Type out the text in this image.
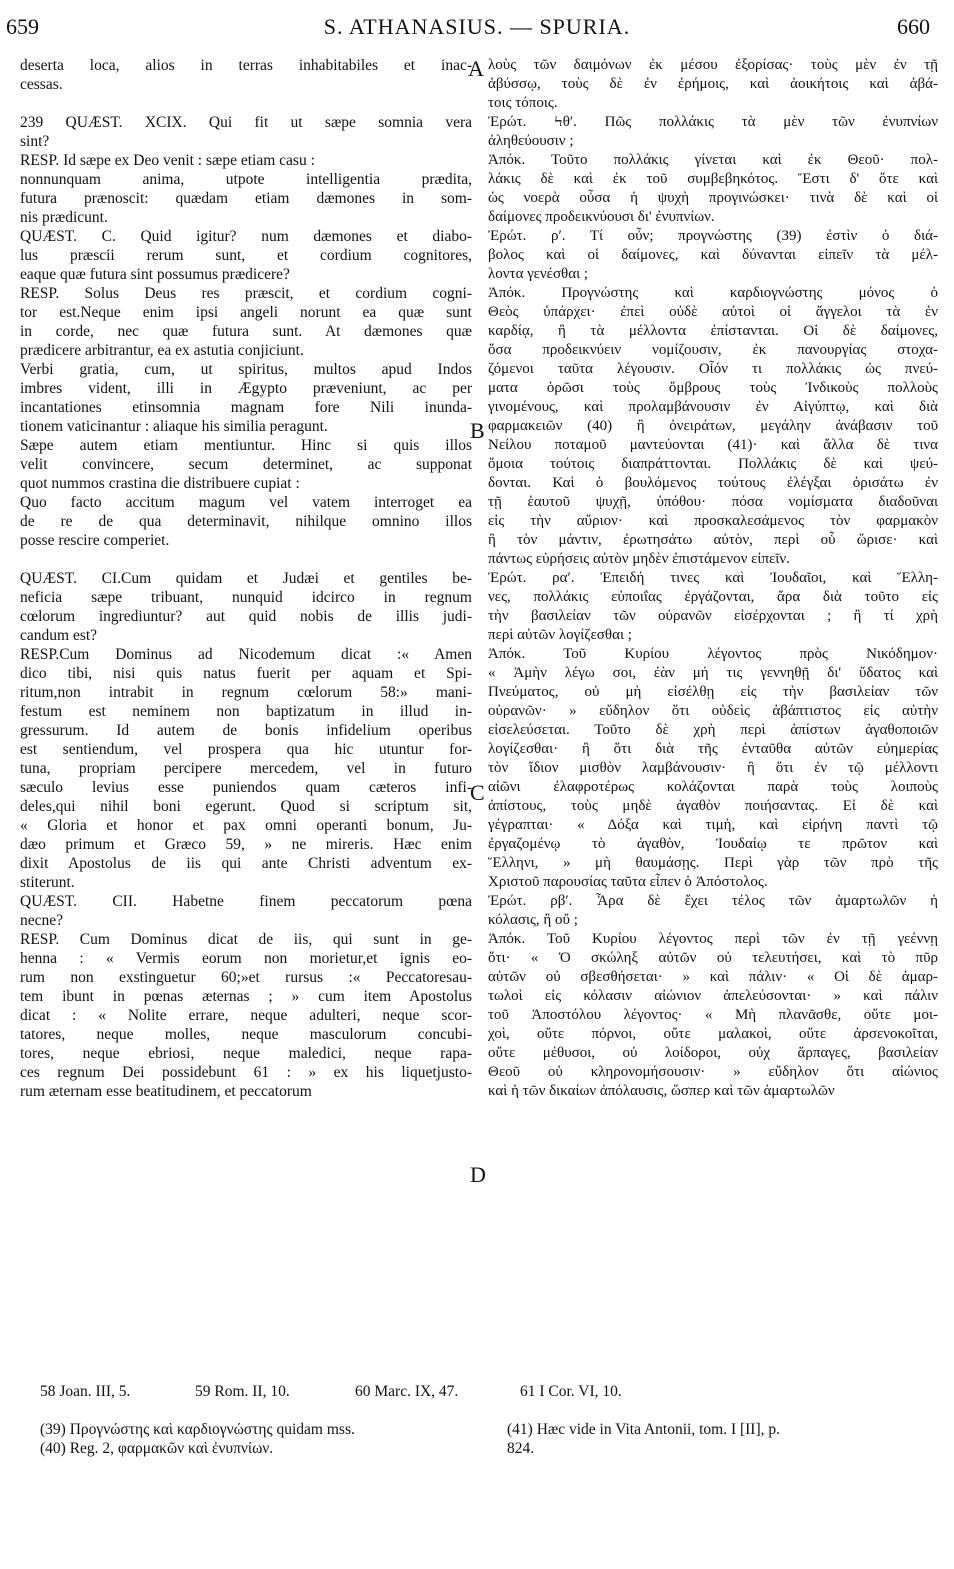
659	S. ATHANASIUS. — SPURIA.	660
deserta loca, alios in terras inhabitabiles et inac-
cessas.
239 QUÆST. XCIX. Qui fit ut sæpe somnia vera
sint?
RESP. Id sæpe ex Deo venit : sæpe etiam casu :
nonnunquam anima, utpote intelligentia prædita,
futura prænoscit: quædam etiam dæmones in som-
nis prædicunt.
QUÆST. C. Quid igitur? num dæmones et diabo-
lus præscii rerum sunt, et cordium cognitores,
eaque quæ futura sint possumus prædicere?
RESP. Solus Deus res præscit, et cordium cogni-
tor est.Neque enim ipsi angeli norunt ea quæ sunt
in corde, nec quæ futura sunt. At dæmones quæ
prædicere arbitrantur, ea ex astutia conjiciunt.
Verbi gratia, cum, ut spiritus, multos apud Indos
imbres vident, illi in Ægypto præveniunt, ac per
incantationes etinsomnia magnam fore Nili inunda-
tionem vaticinantur : aliaque his similia peragunt.
Sæpe autem etiam mentiuntur. Hinc si quis illos
velit convincere, secum determinet, ac supponat
quot nummos crastina die distribuere cupiat :
Quo facto accitum magum vel vatem interroget ea
de re de qua determinavit, nihilque omnino illos
posse rescire comperiet.
QUÆST. CI.Cum quidam et Judæi et gentiles be-
neficia sæpe tribuant, nunquid idcirco in regnum
cœlorum ingrediuntur? aut quid nobis de illis judi-
candum est?
RESP.Cum Dominus ad Nicodemum dicat :« Amen
dico tibi, nisi quis natus fuerit per aquam et Spi-
ritum,non intrabit in regnum cœlorum 58:» mani-
festum est neminem non baptizatum in illud in-
gressurum. Id autem de bonis infidelium operibus
est sentiendum, vel prospera qua hic utuntur for-
tuna, propriam percipere mercedem, vel in futuro
sæculo levius esse puniendos quam cæteros infi-
deles,qui nihil boni egerunt. Quod si scriptum sit,
« Gloria et honor et pax omni operanti bonum, Ju-
dæo primum et Græco 59, » ne mireris. Hæc enim
dixit Apostolus de iis qui ante Christi adventum ex-
stiterunt.
QUÆST. CII. Habetne finem peccatorum pœna
necne?
RESP. Cum Dominus dicat de iis, qui sunt in ge-
henna : « Vermis eorum non morietur,et ignis eo-
rum non exstinguetur 60;»et rursus :« Peccatoresau-
tem ibunt in pœnas æternas ; » cum item Apostolus
dicat : « Nolite errare, neque adulteri, neque scor-
tatores, neque molles, neque masculorum concubi-
tores, neque ebriosi, neque maledici, neque rapa-
ces regnum Dei possidebunt 61 : » ex his liquetjusto-
rum æternam esse beatitudinem, et peccatorum
λοὺς τῶν δαιμόνων ἐκ μέσου ἐξορίσας· τοὺς μὲν ἐν τῇ
ἀβύσσῳ, τοὺς δὲ ἐν ἐρήμοις, καὶ ἀοικήτοις καὶ ἀβά-
τοις τόποις.
Ἐρώτ. Ϟθʹ. Πῶς πολλάκις τὰ μὲν τῶν ἐνυπνίων
ἀληθεύουσιν ;
Ἀπόκ. Τοῦτο πολλάκις γίνεται καὶ ἐκ Θεοῦ· πολ-
λάκις δὲ καὶ ἐκ τοῦ συμβεβηκότος. Ἔστι δ' ὅτε καὶ
ὡς νοερὰ οὖσα ἡ ψυχὴ προγινώσκει· τινὰ δὲ καὶ οἱ
δαίμονες προδεικνύουσι δι' ἐνυπνίων.
Ἐρώτ. ρʹ. Τί οὖν; προγνώστης (39) ἐστὶν ὁ διά-
βολος καὶ οἱ δαίμονες, καὶ δύνανται εἰπεῖν τὰ μέλ-
λοντα γενέσθαι ;
Ἀπόκ. Προγνώστης καὶ καρδιογνώστης μόνος ὁ
Θεὸς ὑπάρχει· ἐπεὶ οὐδὲ αὐτοὶ οἱ ἄγγελοι τὰ ἐν
καρδίᾳ, ἢ τὰ μέλλοντα ἐπίστανται. Οἱ δὲ δαίμονες,
ὅσα προδεικνύειν νομίζουσιν, ἐκ πανουργίας στοχα-
ζόμενοι ταῦτα λέγουσιν. Οἷόν τι πολλάκις ὡς πνεύ-
ματα ὁρῶσι τοὺς ὄμβρους τοὺς Ἰνδικοὺς πολλοὺς
γινομένους, καὶ προλαμβάνουσιν ἐν Αἰγύπτῳ, καὶ διὰ
φαρμακειῶν (40) ἢ ὀνειράτων, μεγάλην ἀνάβασιν τοῦ
Νείλου ποταμοῦ μαντεύονται (41)· καὶ ἄλλα δὲ τινα
ὅμοια τούτοις διαπράττονται. Πολλάκις δὲ καὶ ψεύ-
δονται. Καὶ ὁ βουλόμενος τούτους ἐλέγξαι ὁρισάτω ἐν
τῇ ἑαυτοῦ ψυχῇ, ὑπόθου· πόσα νομίσματα διαδοῦναι
εἰς τὴν αὔριον· καὶ προσκαλεσάμενος τὸν φαρμακὸν
ἢ τὸν μάντιν, ἐρωτησάτω αὐτὸν, περὶ οὗ ὥρισε· καὶ
πάντως εὑρήσεις αὐτὸν μηδὲν ἐπιστάμενον εἰπεῖν.
Ἐρώτ. ραʹ. Ἐπειδή τινες καὶ Ἰουδαῖοι, καὶ Ἕλλη-
νες, πολλάκις εὐποιΐας ἐργάζονται, ἄρα διὰ τοῦτο εἰς
τὴν βασιλείαν τῶν οὐρανῶν εἰσέρχονται ; ἢ τί χρὴ
περὶ αὐτῶν λογίζεσθαι ;
Ἀπόκ. Τοῦ Κυρίου λέγοντος πρὸς Νικόδημον·
« Ἀμὴν λέγω σοι, ἐὰν μή τις γεννηθῇ δι' ὕδατος καὶ
Πνεύματος, οὐ μὴ εἰσέλθῃ εἰς τὴν βασιλείαν τῶν
οὐρανῶν· » εὔδηλον ὅτι οὐδεὶς ἀβάπτιστος εἰς αὐτὴν
εἰσελεύσεται. Τοῦτο δὲ χρὴ περὶ ἀπίστων ἀγαθοποιῶν
λογίζεσθαι· ἢ ὅτι διὰ τῆς ἐνταῦθα αὐτῶν εὐημερίας
τὸν ἴδιον μισθὸν λαμβάνουσιν· ἢ ὅτι ἐν τῷ μέλλοντι
αἰῶνι ἐλαφροτέρως κολάζονται παρὰ τοὺς λοιποὺς
ἀπίστους, τοὺς μηδὲ ἀγαθὸν ποιήσαντας. Εἰ δὲ καὶ
γέγραπται· « Δόξα καὶ τιμὴ, καὶ εἰρήνη παντὶ τῷ
ἐργαζομένῳ τὸ ἀγαθὸν, Ἰουδαίῳ τε πρῶτον καὶ
Ἕλληνι, » μὴ θαυμάσῃς. Περὶ γὰρ τῶν πρὸ τῆς
Χριστοῦ παρουσίας ταῦτα εἶπεν ὁ Ἀπόστολος.
Ἐρώτ. ρβʹ. Ἆρα δὲ ἔχει τέλος τῶν ἁμαρτωλῶν ἡ
κόλασις, ἢ οὔ ;
Ἀπόκ. Τοῦ Κυρίου λέγοντος περὶ τῶν ἐν τῇ γεέννῃ
ὅτι· « Ὁ σκώληξ αὐτῶν οὐ τελευτήσει, καὶ τὸ πῦρ
αὐτῶν οὐ σβεσθήσεται· » καὶ πάλιν· « Οἱ δὲ ἁμαρ-
τωλοὶ εἰς κόλασιν αἰώνιον ἀπελεύσονται· » καὶ πάλιν
τοῦ Ἀποστόλου λέγοντος· « Μὴ πλανᾶσθε, οὔτε μοι-
χοὶ, οὔτε πόρνοι, οὔτε μαλακοὶ, οὔτε ἀρσενοκοῖται,
οὔτε μέθυσοι, οὐ λοίδοροι, οὐχ ἅρπαγες, βασιλείαν
Θεοῦ οὐ κληρονομήσουσιν· » εὔδηλον ὅτι αἰώνιος
καὶ ἡ τῶν δικαίων ἀπόλαυσις, ὥσπερ καὶ τῶν ἁμαρτωλῶν
A
B
C
D
58 Joan. III, 5.	59 Rom. II, 10.	60 Marc. IX, 47.	61 I Cor. VI, 10.
(39) Προγνώστης καὶ καρδιογνώστης quidam mss.
(40) Reg. 2, φαρμακῶν καὶ ἐνυπνίων.
(41) Hæc vide in Vita Antonii, tom. I [II], p.
824.
